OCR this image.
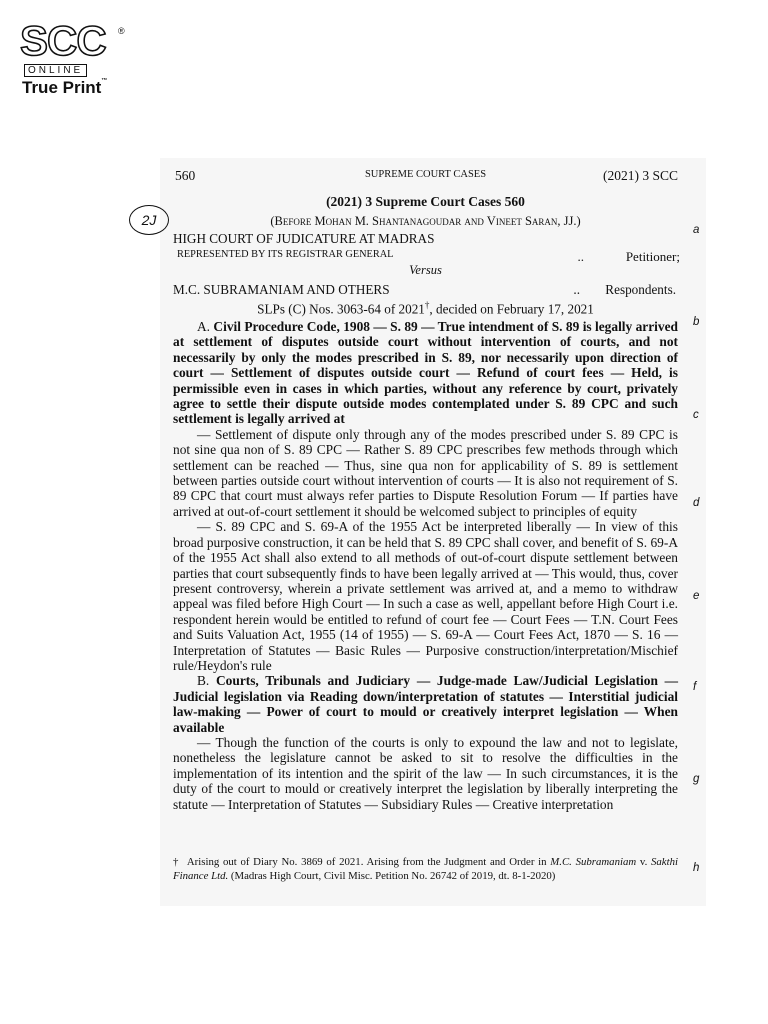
SCC ®
ONLINE
True Print™
560	SUPREME COURT CASES	(2021) 3 SCC
2J
(2021) 3 Supreme Court Cases 560
(Before Mohan M. Shantanagoudar and Vineet Saran, JJ.)
HIGH COURT OF JUDICATURE AT MADRAS
REPRESENTED BY ITS REGISTRAR GENERAL	..	Petitioner;
Versus
M.C. SUBRAMANIAM AND OTHERS	.. Respondents.
SLPs (C) Nos. 3063-64 of 2021†, decided on February 17, 2021

A. Civil Procedure Code, 1908 — S. 89 — True intendment of S. 89 is legally arrived at settlement of disputes outside court without intervention of courts, and not necessarily by only the modes prescribed in S. 89, nor necessarily upon direction of court — Settlement of disputes outside court — Refund of court fees — Held, is permissible even in cases in which parties, without any reference by court, privately agree to settle their dispute outside modes contemplated under S. 89 CPC and such settlement is legally arrived at

— Settlement of dispute only through any of the modes prescribed under S. 89 CPC is not sine qua non of S. 89 CPC — Rather S. 89 CPC prescribes few methods through which settlement can be reached — Thus, sine qua non for applicability of S. 89 is settlement between parties outside court without intervention of courts — It is also not requirement of S. 89 CPC that court must always refer parties to Dispute Resolution Forum — If parties have arrived at out-of-court settlement it should be welcomed subject to principles of equity

— S. 89 CPC and S. 69-A of the 1955 Act be interpreted liberally — In view of this broad purposive construction, it can be held that S. 89 CPC shall cover, and benefit of S. 69-A of the 1955 Act shall also extend to all methods of out-of-court dispute settlement between parties that court subsequently finds to have been legally arrived at — This would, thus, cover present controversy, wherein a private settlement was arrived at, and a memo to withdraw appeal was filed before High Court — In such a case as well, appellant before High Court i.e. respondent herein would be entitled to refund of court fee — Court Fees — T.N. Court Fees and Suits Valuation Act, 1955 (14 of 1955) — S. 69-A — Court Fees Act, 1870 — S. 16 — Interpretation of Statutes — Basic Rules — Purposive construction/interpretation/Mischief rule/Heydon's rule

B. Courts, Tribunals and Judiciary — Judge-made Law/Judicial Legislation — Judicial legislation via Reading down/interpretation of statutes — Interstitial judicial law-making — Power of court to mould or creatively interpret legislation — When available

— Though the function of the courts is only to expound the law and not to legislate, nonetheless the legislature cannot be asked to sit to resolve the difficulties in the implementation of its intention and the spirit of the law — In such circumstances, it is the duty of the court to mould or creatively interpret the legislation by liberally interpreting the statute — Interpretation of Statutes — Subsidiary Rules — Creative interpretation

† Arising out of Diary No. 3869 of 2021. Arising from the Judgment and Order in M.C. Subramaniam v. Sakthi Finance Ltd. (Madras High Court, Civil Misc. Petition No. 26742 of 2019, dt. 8-1-2020)
a
b
c
d
e
f
g
h
